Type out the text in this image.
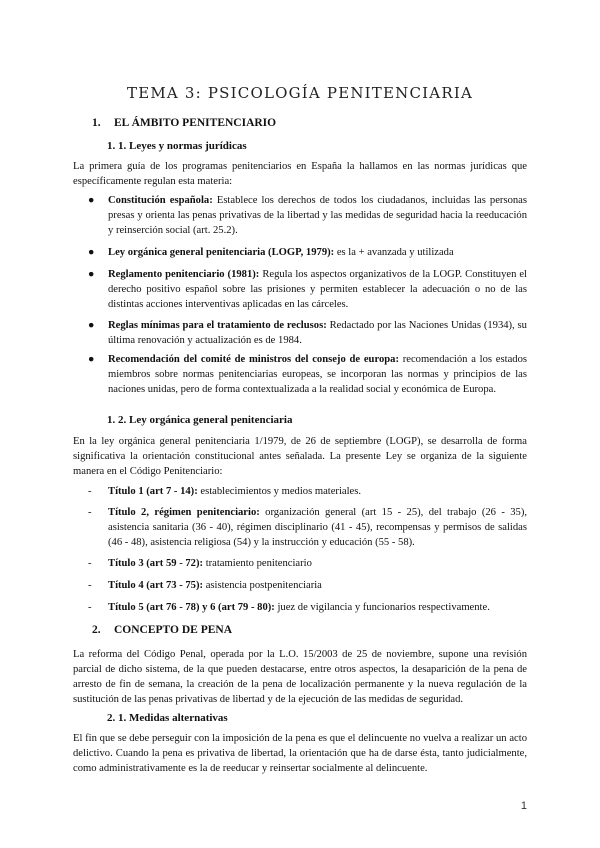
TEMA 3: PSICOLOGÍA PENITENCIARIA
1. EL ÁMBITO PENITENCIARIO
1. 1. Leyes y normas jurídicas
La primera guía de los programas penitenciarios en España la hallamos en las normas jurídicas que específicamente regulan esta materia:
●	Constitución española: Establece los derechos de todos los ciudadanos, incluidas las personas presas y orienta las penas privativas de la libertad y las medidas de seguridad hacia la reeducación y reinserción social (art. 25.2).
●	Ley orgánica general penitenciaria (LOGP, 1979): es la + avanzada y utilizada
●	Reglamento penitenciario (1981): Regula los aspectos organizativos de la LOGP. Constituyen el derecho positivo español sobre las prisiones y permiten establecer la adecuación o no de las distintas acciones interventivas aplicadas en las cárceles.
●	Reglas mínimas para el tratamiento de reclusos: Redactado por las Naciones Unidas (1934), su última renovación y actualización es de 1984.
●	Recomendación del comité de ministros del consejo de europa: recomendación a los estados miembros sobre normas penitenciarias europeas, se incorporan las normas y principios de las naciones unidas, pero de forma contextualizada a la realidad social y económica de Europa.
1. 2. Ley orgánica general penitenciaria
En la ley orgánica general penitenciaria 1/1979, de 26 de septiembre (LOGP), se desarrolla de forma significativa la orientación constitucional antes señalada. La presente Ley se organiza de la siguiente manera en el Código Penitenciario:
-	Título 1 (art 7 - 14): establecimientos y medios materiales.
-	Título 2, régimen penitenciario: organización general (art 15 - 25), del trabajo (26 - 35), asistencia sanitaria (36 - 40), régimen disciplinario (41 - 45), recompensas y permisos de salidas (46 - 48), asistencia religiosa (54) y la instrucción y educación (55 - 58).
-	Título 3 (art 59 - 72): tratamiento penitenciario
-	Título 4 (art 73 - 75): asistencia postpenitenciaria
-	Título 5 (art 76 - 78) y 6 (art 79 - 80): juez de vigilancia y funcionarios respectivamente.
2. CONCEPTO DE PENA
La reforma del Código Penal, operada por la L.O. 15/2003 de 25 de noviembre, supone una revisión parcial de dicho sistema, de la que pueden destacarse, entre otros aspectos, la desaparición de la pena de arresto de fin de semana, la creación de la pena de localización permanente y la nueva regulación de la sustitución de las penas privativas de libertad y de la ejecución de las medidas de seguridad.
2. 1. Medidas alternativas
El fin que se debe perseguir con la imposición de la pena es que el delincuente no vuelva a realizar un acto delictivo. Cuando la pena es privativa de libertad, la orientación que ha de darse ésta, tanto judicialmente, como administrativamente es la de reeducar y reinsertar socialmente al delincuente.
1
